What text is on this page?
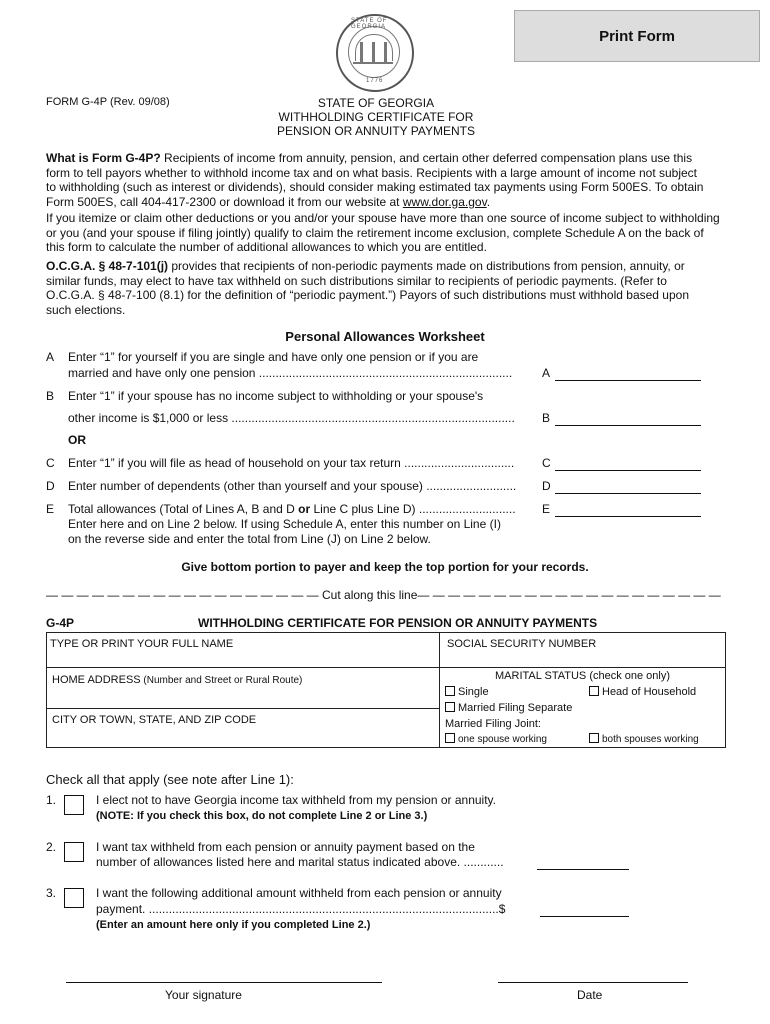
STATE OF GEORGIA
1776
Print Form
FORM G-4P (Rev. 09/08)	STATE OF GEORGIA
WITHHOLDING CERTIFICATE FOR
PENSION OR ANNUITY PAYMENTS
What is Form G-4P? Recipients of income from annuity, pension, and certain other deferred compensation plans use this
form to tell payors whether to withhold income tax and on what basis. Recipients with a large amount of income not subject
to withholding (such as interest or dividends), should consider making estimated tax payments using Form 500ES. To obtain
Form 500ES, call 404-417-2300 or download it from our website at www.dor.ga.gov.
If you itemize or claim other deductions or you and/or your spouse have more than one source of income subject to withholding
or you (and your spouse if filing jointly) qualify to claim the retirement income exclusion, complete Schedule A on the back of
this form to calculate the number of additional allowances to which you are entitled.
O.C.G.A. § 48-7-101(j) provides that recipients of non-periodic payments made on distributions from pension, annuity, or
similar funds, may elect to have tax withheld on such distributions similar to recipients of periodic payments. (Refer to
O.C.G.A. § 48-7-100 (8.1) for the definition of “periodic payment.”) Payors of such distributions must withhold based upon
such elections.
Personal Allowances Worksheet
A Enter “1” for yourself if you are single and have only one pension or if you are
married and have only one pension ............................................................................	A
B Enter “1” if your spouse has no income subject to withholding or your spouse's
other income is $1,000 or less .....................................................................................	B
OR
C Enter “1” if you will file as head of household on your tax return .................................	C
D Enter number of dependents (other than yourself and your spouse) ...........................	D
E Total allowances (Total of Lines A, B and D or Line C plus Line D) .............................	E
Enter here and on Line 2 below. If using Schedule A, enter this number on Line (I)
on the reverse side and enter the total from Line (J) on Line 2 below.
Give bottom portion to payer and keep the top portion for your records.
— — — — — — — — — — — — — — — — — — Cut along this line— — — — — — — — — — — — — — — — — — — —
G-4P	WITHHOLDING CERTIFICATE FOR PENSION OR ANNUITY PAYMENTS
TYPE OR PRINT YOUR FULL NAME	SOCIAL SECURITY NUMBER
HOME ADDRESS (Number and Street or Rural Route)
CITY OR TOWN, STATE, AND ZIP CODE
MARITAL STATUS (check one only)
Single	Head of Household
Married Filing Separate
Married Filing Joint:
one spouse working	both spouses working
Check all that apply (see note after Line 1):
1.	I elect not to have Georgia income tax withheld from my pension or annuity.
(NOTE: If you check this box, do not complete Line 2 or Line 3.)
2.	I want tax withheld from each pension or annuity payment based on the
number of allowances listed here and marital status indicated above. ............
3.	I want the following additional amount withheld from each pension or annuity
payment. .........................................................................................................$
(Enter an amount here only if you completed Line 2.)
Your signature	Date
